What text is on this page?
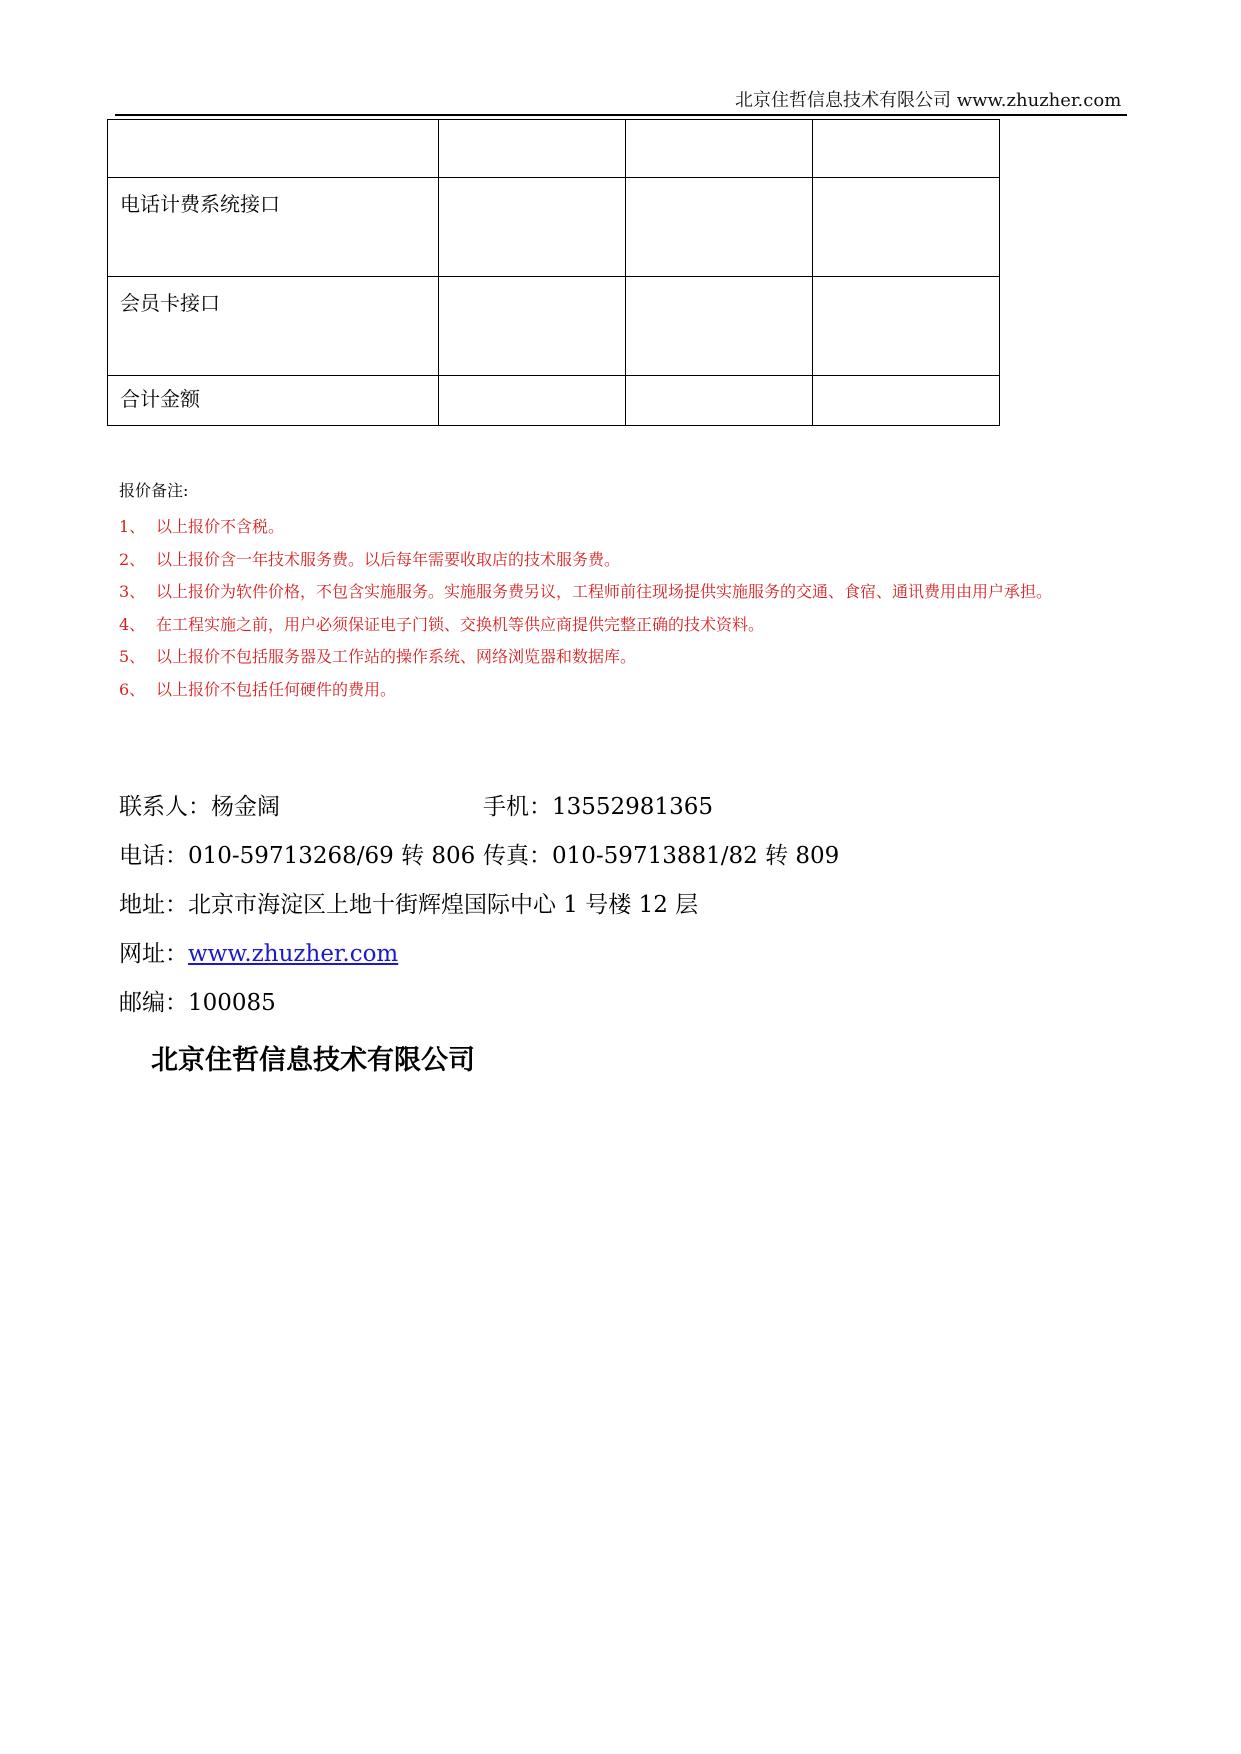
北京住哲信息技术有限公司 www.zhuzher.com

电话计费系统接口			
会员卡接口			
合计金额			
报价备注:
1、 以上报价不含税。
2、 以上报价含一年技术服务费。以后每年需要收取店的技术服务费。
3、 以上报价为软件价格，不包含实施服务。实施服务费另议，工程师前往现场提供实施服务的交通、食宿、通讯费用由用户承担。
4、 在工程实施之前，用户必须保证电子门锁、交换机等供应商提供完整正确的技术资料。
5、 以上报价不包括服务器及工作站的操作系统、网络浏览器和数据库。
6、 以上报价不包括任何硬件的费用。
联系人：杨金阔	手机：13552981365
电话：010-59713268/69 转 806 传真：010-59713881/82 转 809
地址：北京市海淀区上地十街辉煌国际中心 1 号楼 12 层
网址：www.zhuzher.com
邮编：100085
北京住哲信息技术有限公司
